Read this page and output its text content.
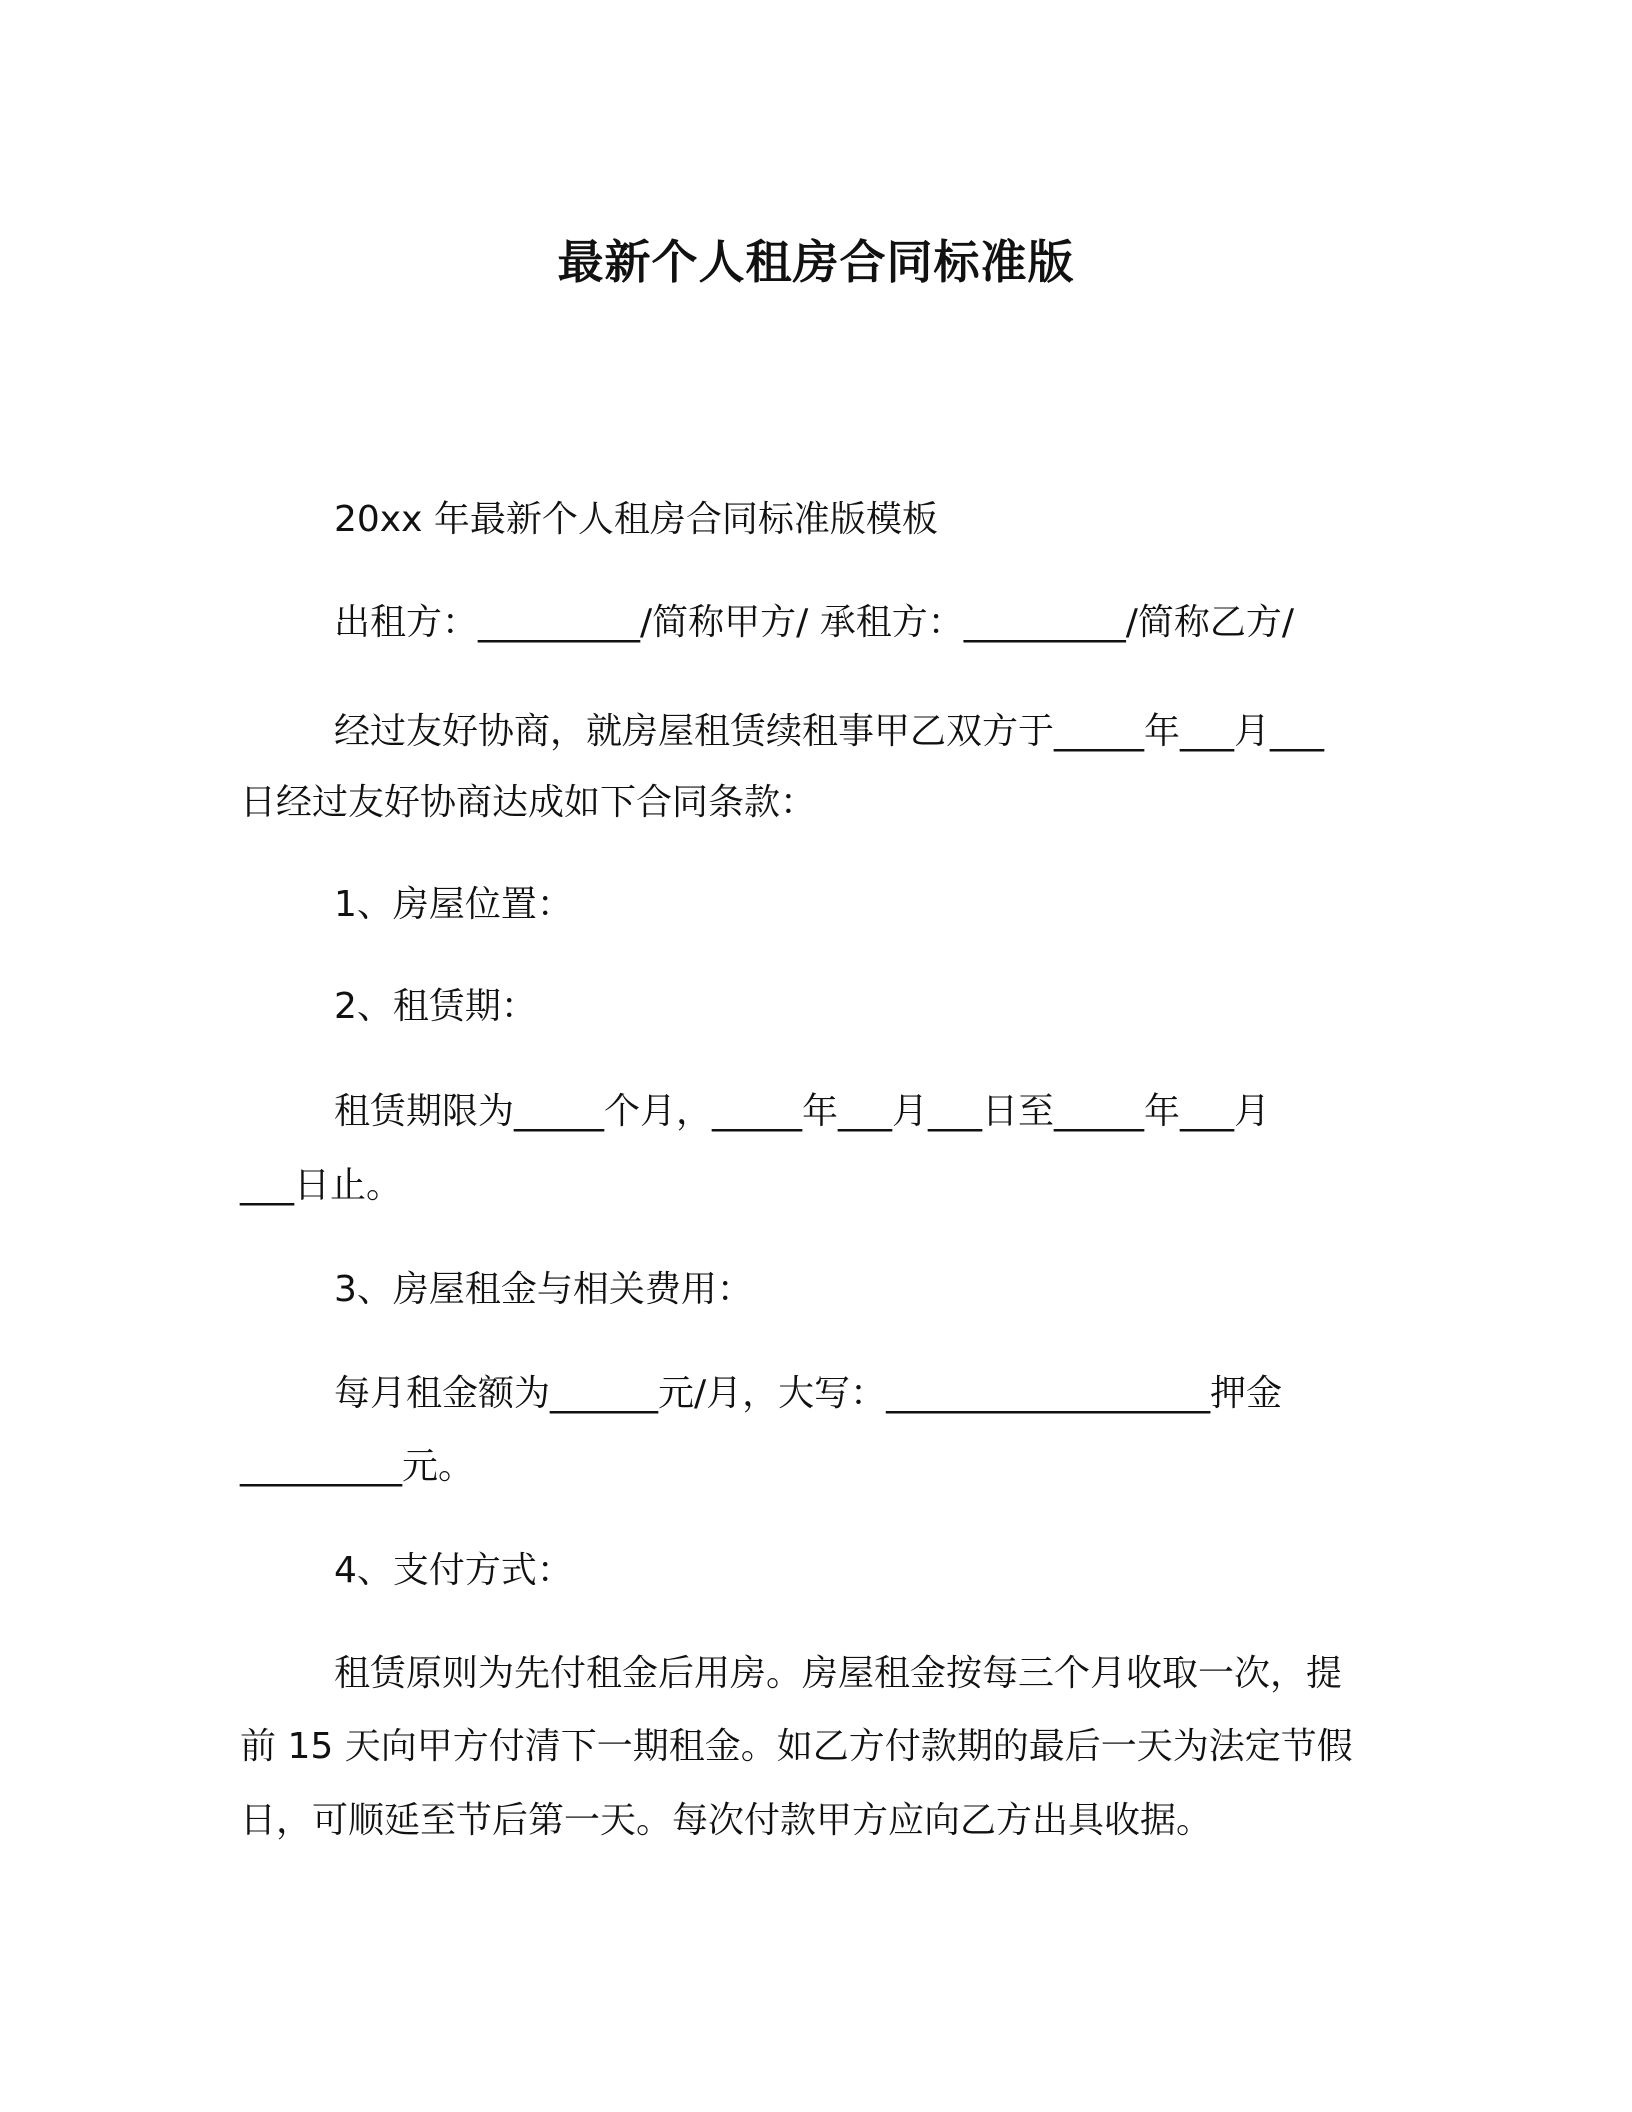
最新个人租房合同标准版
20xx 年最新个人租房合同标准版模板
出租方：_________/简称甲方/ 承租方：_________/简称乙方/
经过友好协商，就房屋租赁续租事甲乙双方于_____年___月___
日经过友好协商达成如下合同条款：
1、房屋位置：
2、租赁期：
租赁期限为_____个月，_____年___月___日至_____年___月
___日止。
3、房屋租金与相关费用：
每月租金额为______元/月，大写：__________________押金
_________元。
4、支付方式：
租赁原则为先付租金后用房。房屋租金按每三个月收取一次，提
前 15 天向甲方付清下一期租金。如乙方付款期的最后一天为法定节假
日，可顺延至节后第一天。每次付款甲方应向乙方出具收据。
